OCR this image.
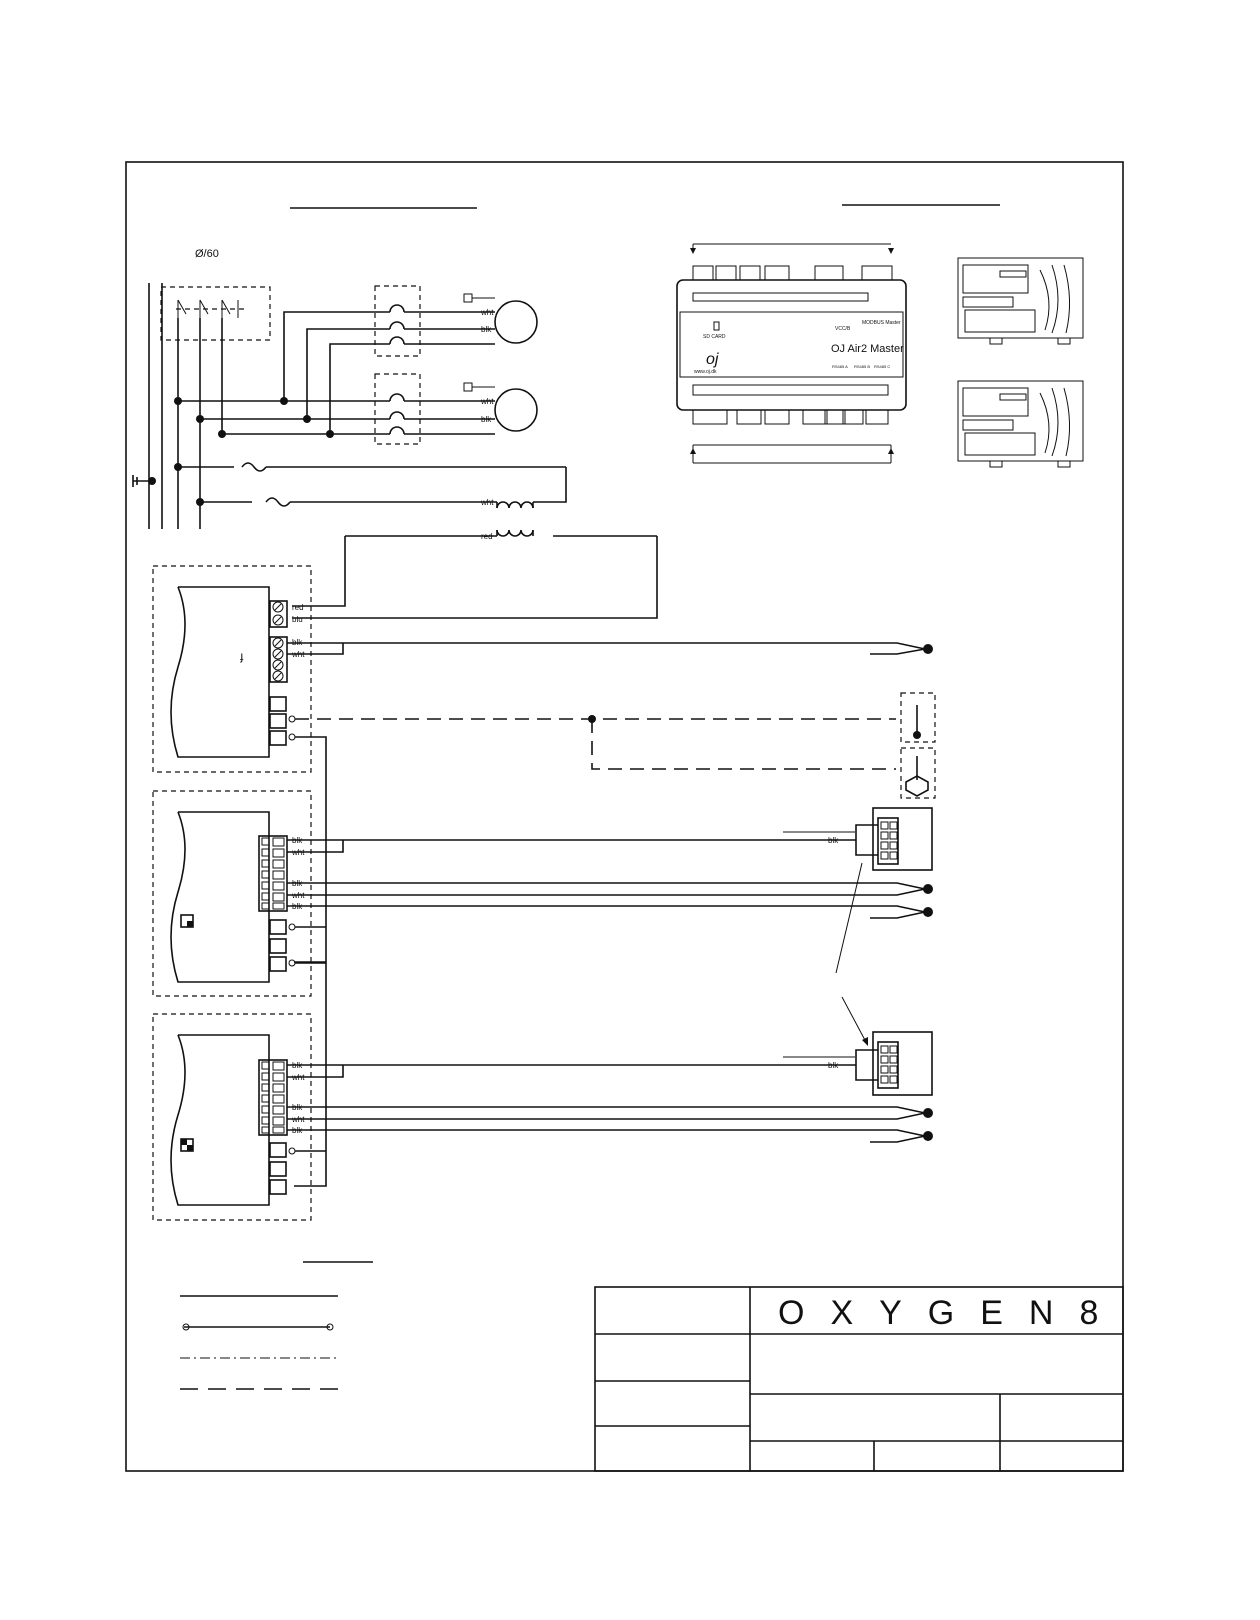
Ø/60
wht
blk
wht
blk
wht
red
SD CARD
VCC/B
MODBUS Master
OJ Air2 Master
www.oj.dk
oj	RS485 A RS485 B RS485 C
ɟ
red
blu
blk
wht
blk
wht
blk
wht
blk
blk
blk
wht
blk
wht
blk
blk
OXYGEN8
